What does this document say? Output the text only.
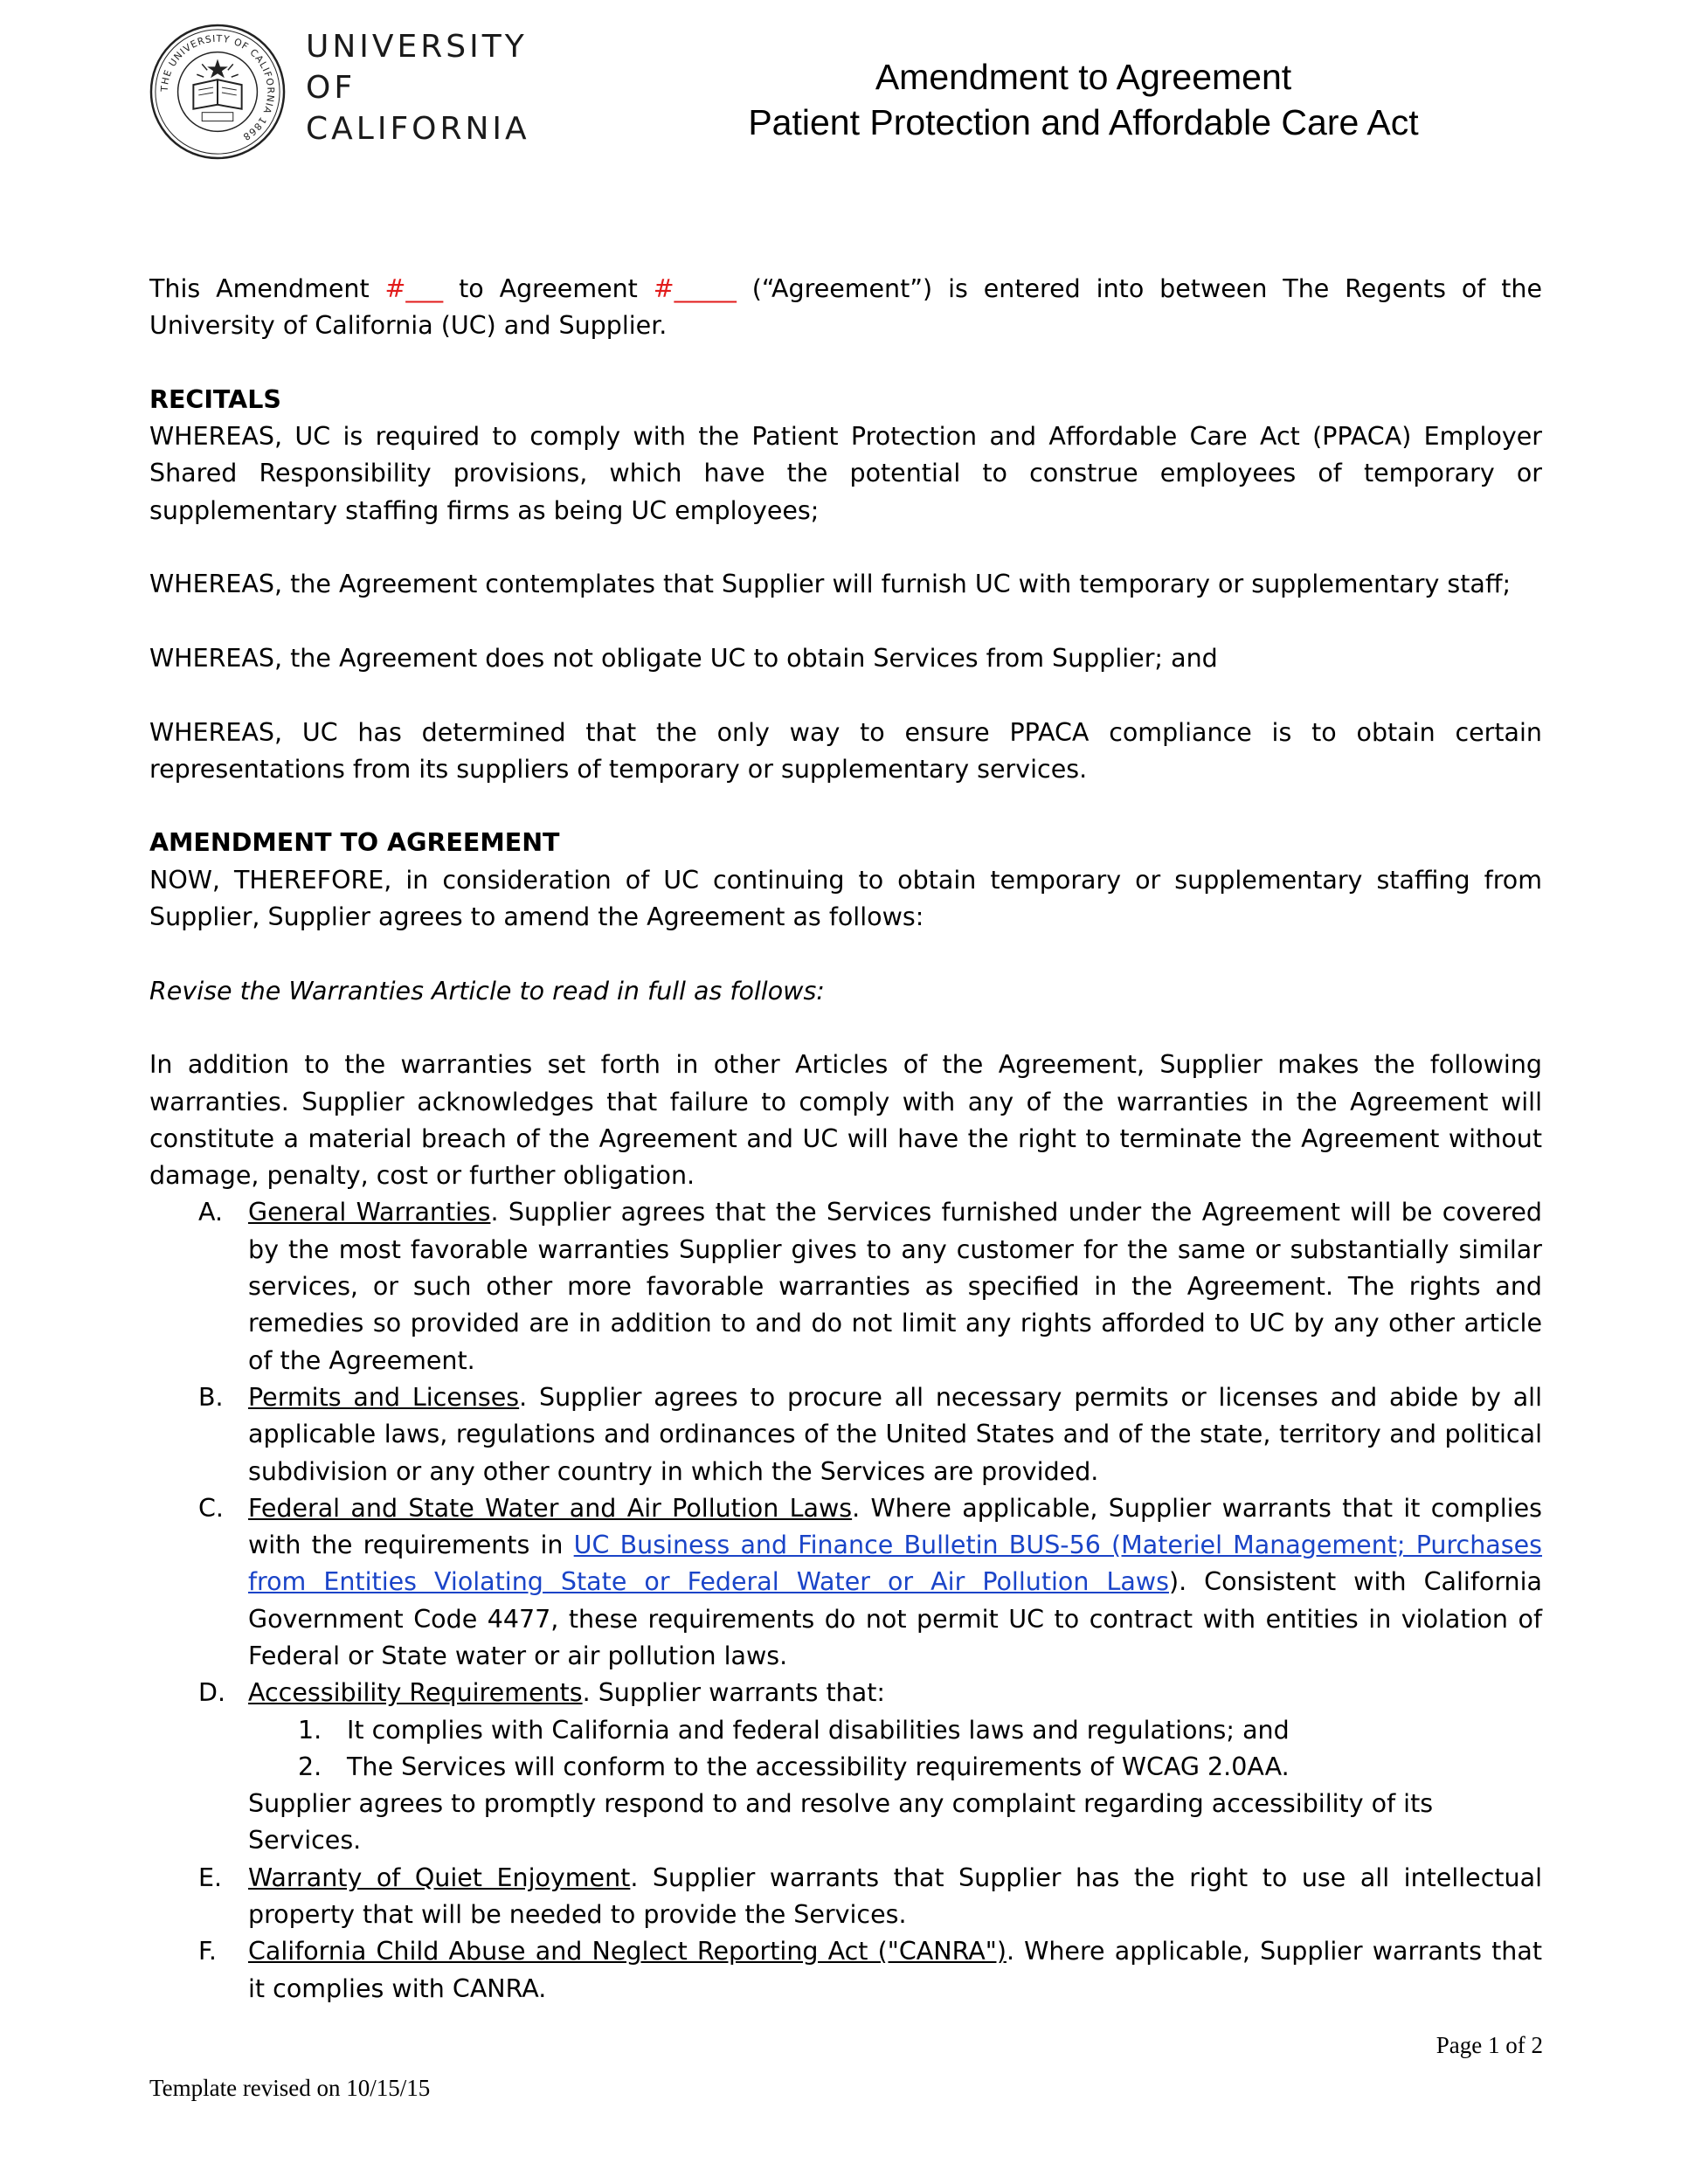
THE UNIVERSITY OF CALIFORNIA 1868
UNIVERSITY
OF
CALIFORNIA
Amendment to Agreement
Patient Protection and Affordable Care Act

This Amendment #___ to Agreement #_____ (“Agreement”) is entered into between The Regents of the University of California (UC) and Supplier.

RECITALS

WHEREAS, UC is required to comply with the Patient Protection and Affordable Care Act (PPACA) Employer Shared Responsibility provisions, which have the potential to construe employees of temporary or supplementary staffing firms as being UC employees;

WHEREAS, the Agreement contemplates that Supplier will furnish UC with temporary or supplementary staff;

WHEREAS, the Agreement does not obligate UC to obtain Services from Supplier; and

WHEREAS, UC has determined that the only way to ensure PPACA compliance is to obtain certain representations from its suppliers of temporary or supplementary services.

AMENDMENT TO AGREEMENT

NOW, THEREFORE, in consideration of UC continuing to obtain temporary or supplementary staffing from Supplier, Supplier agrees to amend the Agreement as follows:

Revise the Warranties Article to read in full as follows:

In addition to the warranties set forth in other Articles of the Agreement, Supplier makes the following warranties. Supplier acknowledges that failure to comply with any of the warranties in the Agreement will constitute a material breach of the Agreement and UC will have the right to terminate the Agreement without damage, penalty, cost or further obligation.

A. General Warranties. Supplier agrees that the Services furnished under the Agreement will be covered by the most favorable warranties Supplier gives to any customer for the same or substantially similar services, or such other more favorable warranties as specified in the Agreement. The rights and remedies so provided are in addition to and do not limit any rights afforded to UC by any other article of the Agreement.
B. Permits and Licenses. Supplier agrees to procure all necessary permits or licenses and abide by all applicable laws, regulations and ordinances of the United States and of the state, territory and political subdivision or any other country in which the Services are provided.
C. Federal and State Water and Air Pollution Laws. Where applicable, Supplier warrants that it complies with the requirements in UC Business and Finance Bulletin BUS-56 (Materiel Management; Purchases from Entities Violating State or Federal Water or Air Pollution Laws). Consistent with California Government Code 4477, these requirements do not permit UC to contract with entities in violation of Federal or State water or air pollution laws.
D. Accessibility Requirements. Supplier warrants that:
1. It complies with California and federal disabilities laws and regulations; and
2. The Services will conform to the accessibility requirements of WCAG 2.0AA.
Supplier agrees to promptly respond to and resolve any complaint regarding accessibility of its Services.
E. Warranty of Quiet Enjoyment. Supplier warrants that Supplier has the right to use all intellectual property that will be needed to provide the Services.
F. California Child Abuse and Neglect Reporting Act ("CANRA"). Where applicable, Supplier warrants that it complies with CANRA.
Page 1 of 2
Template revised on 10/15/15
